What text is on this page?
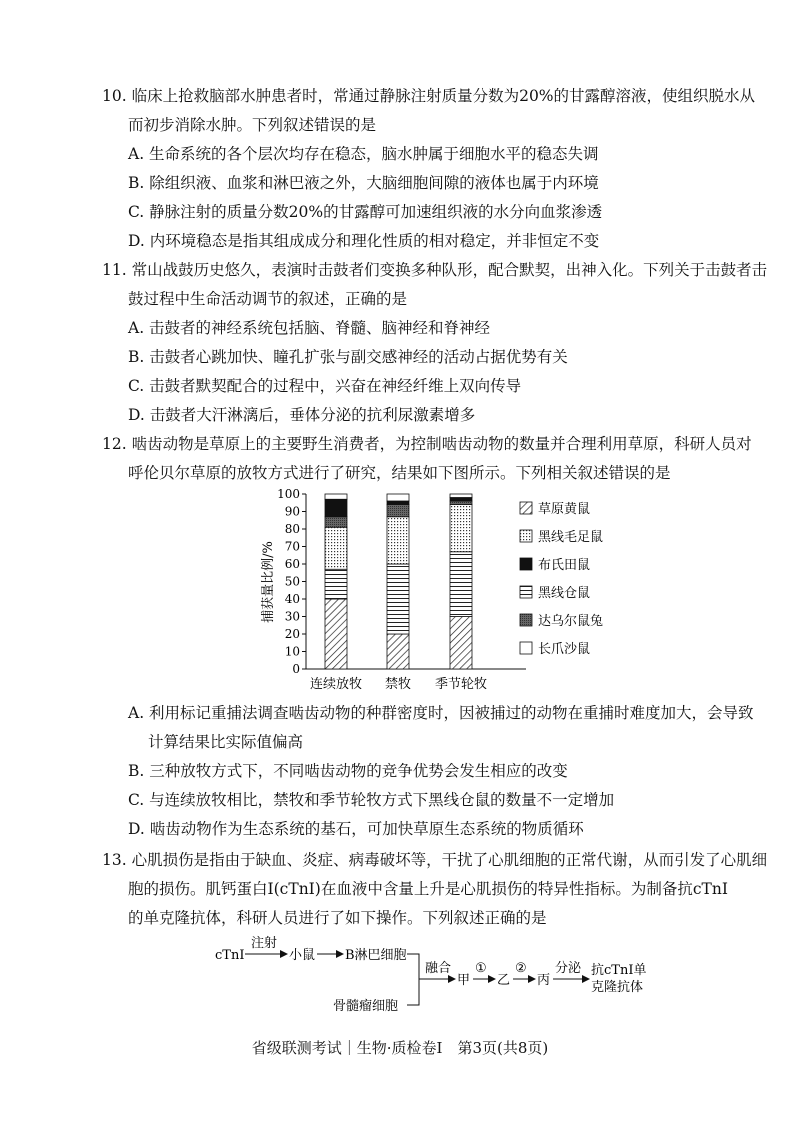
10. 临床上抢救脑部水肿患者时，常通过静脉注射质量分数为20%的甘露醇溶液，使组织脱水从
而初步消除水肿。下列叙述错误的是
A. 生命系统的各个层次均存在稳态，脑水肿属于细胞水平的稳态失调
B. 除组织液、血浆和淋巴液之外，大脑细胞间隙的液体也属于内环境
C. 静脉注射的质量分数20%的甘露醇可加速组织液的水分向血浆渗透
D. 内环境稳态是指其组成成分和理化性质的相对稳定，并非恒定不变
11. 常山战鼓历史悠久，表演时击鼓者们变换多种队形，配合默契，出神入化。下列关于击鼓者击
鼓过程中生命活动调节的叙述，正确的是
A. 击鼓者的神经系统包括脑、脊髓、脑神经和脊神经
B. 击鼓者心跳加快、瞳孔扩张与副交感神经的活动占据优势有关
C. 击鼓者默契配合的过程中，兴奋在神经纤维上双向传导
D. 击鼓者大汗淋漓后，垂体分泌的抗利尿激素增多
12. 啮齿动物是草原上的主要野生消费者，为控制啮齿动物的数量并合理利用草原，科研人员对
呼伦贝尔草原的放牧方式进行了研究，结果如下图所示。下列相关叙述错误的是
捕获量比例/%
0
10
20
30
40
50
60
70
80
90
100
连续放牧 禁牧 季节轮牧
草原黄鼠
黑线毛足鼠
布氏田鼠
黑线仓鼠
达乌尔鼠兔
长爪沙鼠
A. 利用标记重捕法调查啮齿动物的种群密度时，因被捕过的动物在重捕时难度加大，会导致
计算结果比实际值偏高
B. 三种放牧方式下，不同啮齿动物的竞争优势会发生相应的改变
C. 与连续放牧相比，禁牧和季节轮牧方式下黑线仓鼠的数量不一定增加
D. 啮齿动物作为生态系统的基石，可加快草原生态系统的物质循环
13. 心肌损伤是指由于缺血、炎症、病毒破坏等，干扰了心肌细胞的正常代谢，从而引发了心肌细
胞的损伤。肌钙蛋白I(cTnI)在血液中含量上升是心肌损伤的特异性指标。为制备抗cTnI
的单克隆抗体，科研人员进行了如下操作。下列叙述正确的是
cTnI
注射
小鼠 B淋巴细胞
骨髓瘤细胞
融合
甲
①
乙
②
丙
分泌 抗cTnI单
克隆抗体
省级联测考试｜生物·质检卷Ⅰ　第3页(共8页)
